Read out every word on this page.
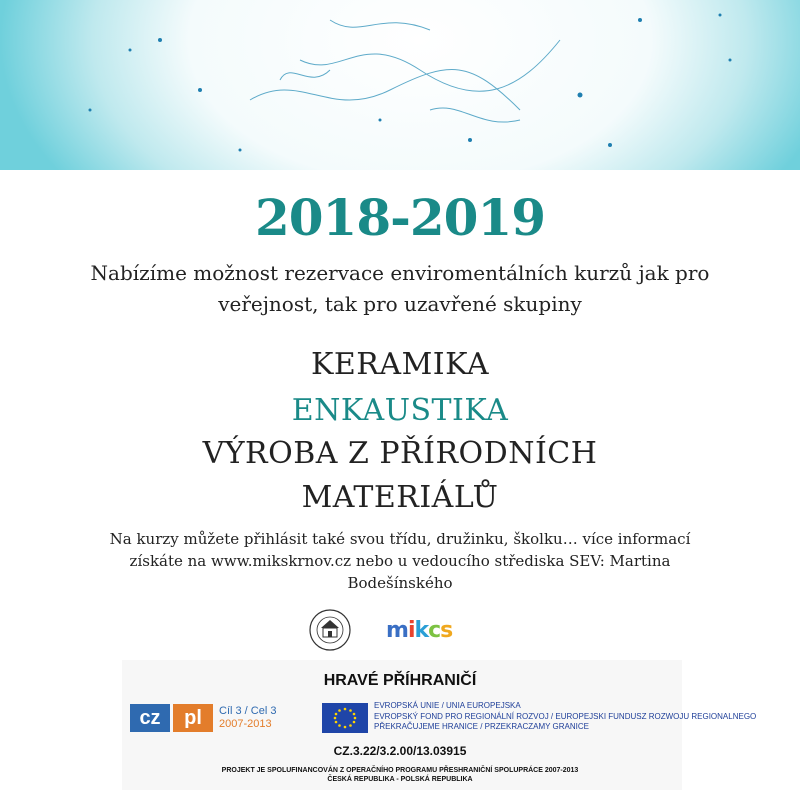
2018-2019
Nabízíme možnost rezervace enviromentálních kurzů jak pro veřejnost, tak pro uzavřené skupiny
KERAMIKA
ENKAUSTIKA
VÝROBA Z PŘÍRODNÍCH
MATERIÁLŮ
Na kurzy můžete přihlásit také svou třídu, družinku, školku… více informací získáte na www.mikskrnov.cz nebo u vedoucího střediska SEV: Martina Bodešínského
mikcs
HRAVÉ PŘÍHRANIČÍ
cz	pl	Cíl 3 / Cel 3
2007-2013
EVROPSKÁ UNIE / UNIA EUROPEJSKA
EVROPSKÝ FOND PRO REGIONÁLNÍ ROZVOJ / EUROPEJSKI FUNDUSZ ROZWOJU REGIONALNEGO
PŘEKRAČUJEME HRANICE / PRZEKRACZAMY GRANICE
CZ.3.22/3.2.00/13.03915
PROJEKT JE SPOLUFINANCOVÁN Z OPERAČNÍHO PROGRAMU PŘESHRANIČNÍ SPOLUPRÁCE 2007-2013
ČESKÁ REPUBLIKA - POLSKÁ REPUBLIKA
